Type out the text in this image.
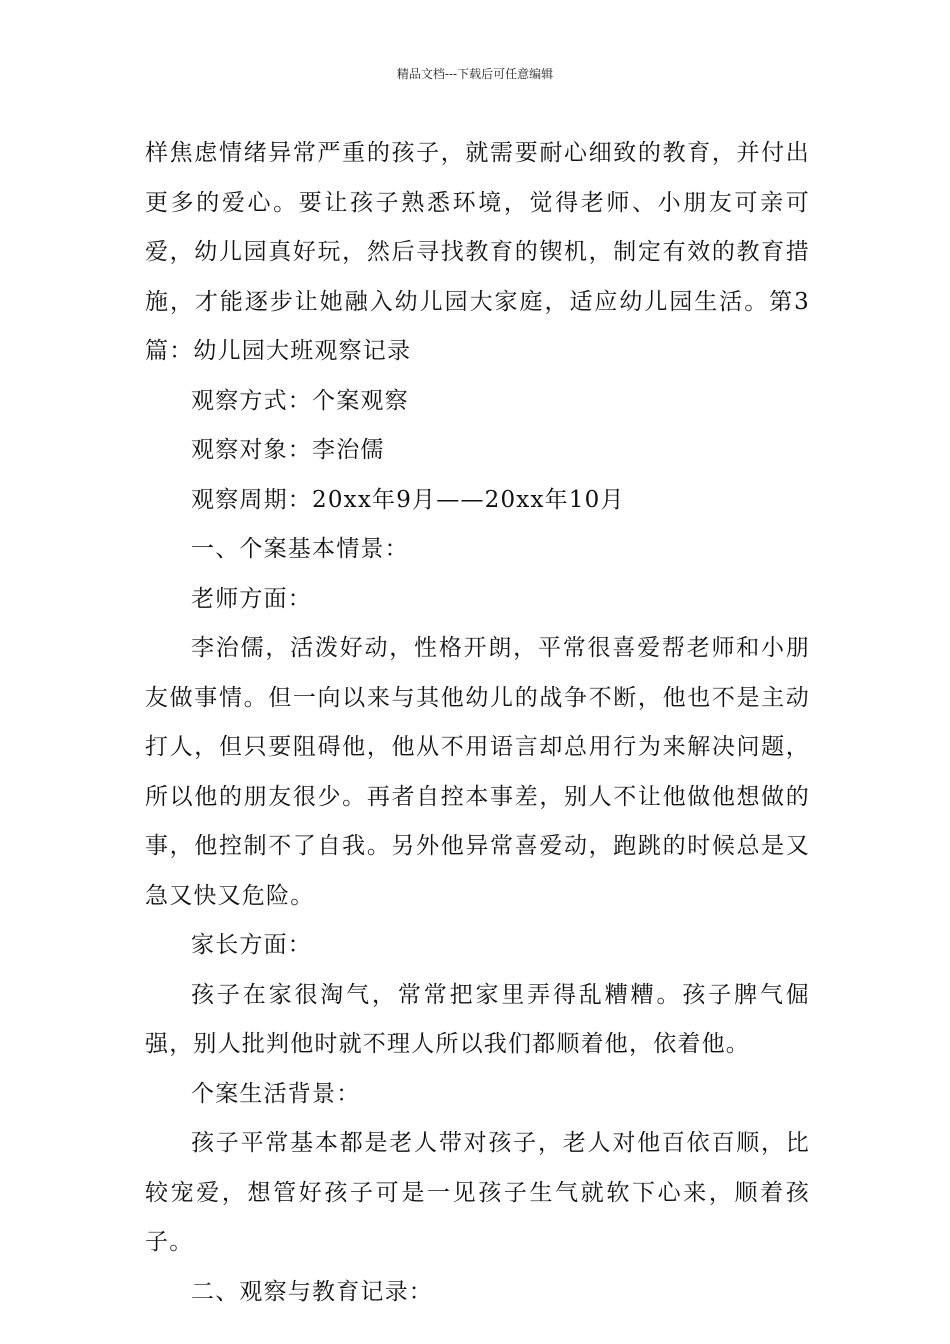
精品文档---下载后可任意编辑

样焦虑情绪异常严重的孩子，就需要耐心细致的教育，并付出更多的爱心。要让孩子熟悉环境，觉得老师、小朋友可亲可爱，幼儿园真好玩，然后寻找教育的锲机，制定有效的教育措施，才能逐步让她融入幼儿园大家庭，适应幼儿园生活。第3篇：幼儿园大班观察记录

观察方式：个案观察

观察对象：李治儒

观察周期：20xx年9月——20xx年10月

一、个案基本情景：

老师方面：

李治儒，活泼好动，性格开朗，平常很喜爱帮老师和小朋友做事情。但一向以来与其他幼儿的战争不断，他也不是主动打人，但只要阻碍他，他从不用语言却总用行为来解决问题，所以他的朋友很少。再者自控本事差，别人不让他做他想做的事，他控制不了自我。另外他异常喜爱动，跑跳的时候总是又急又快又危险。

家长方面：

孩子在家很淘气，常常把家里弄得乱糟糟。孩子脾气倔强，别人批判他时就不理人所以我们都顺着他，依着他。

个案生活背景：

孩子平常基本都是老人带对孩子，老人对他百依百顺，比较宠爱，想管好孩子可是一见孩子生气就软下心来，顺着孩子。

二、观察与教育记录：
